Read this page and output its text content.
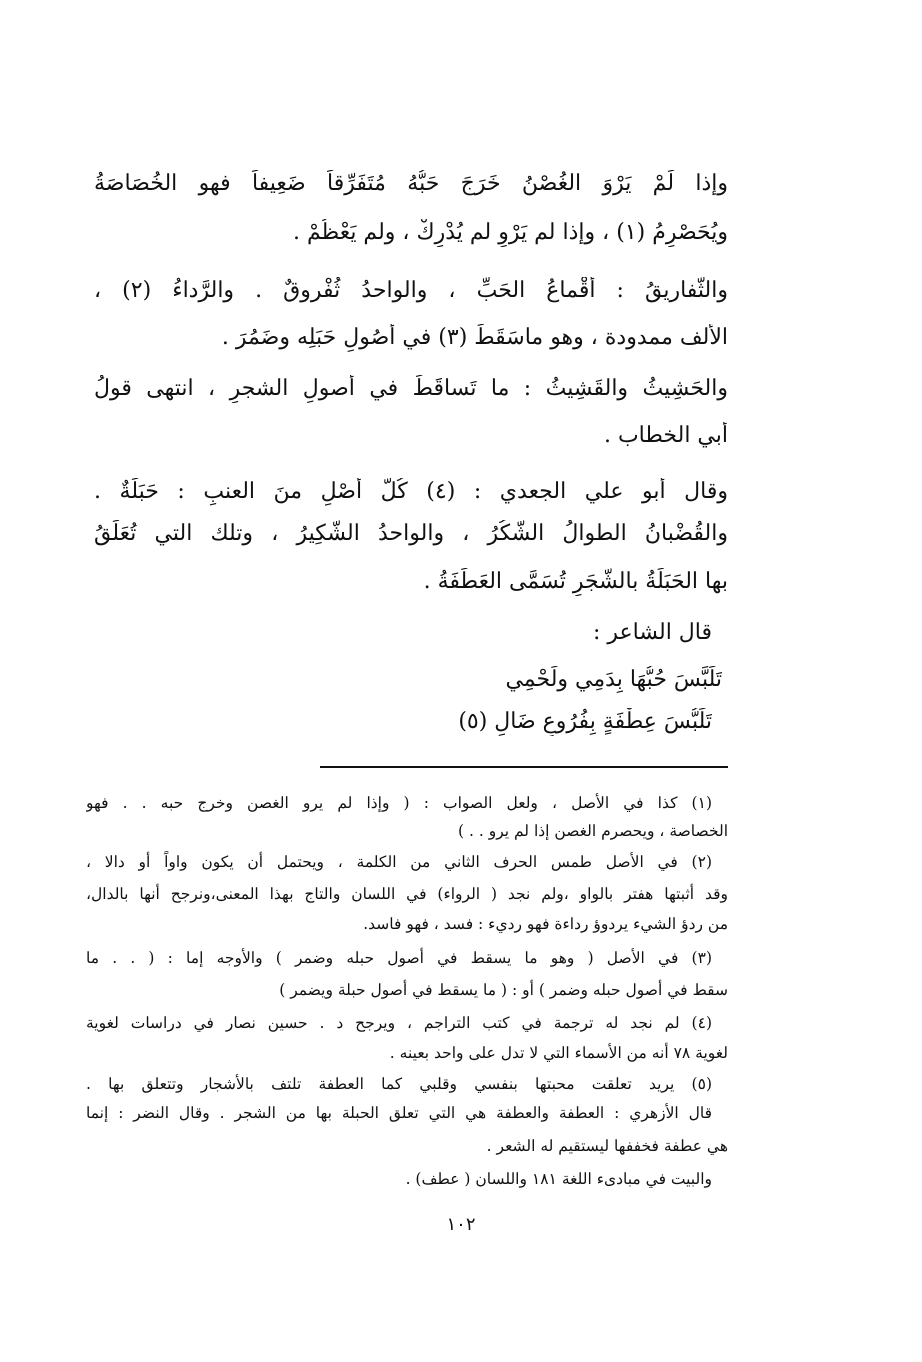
وإذا لَمْ يَرْوَ الغُصْنُ خَرَجَ حَبُّهُ مُتَفَرِّقاً ضَعِيفاً فهو الخُصَاصَةُ
ويُحَصْرِمُ (١) ، وإذا لم يَرْوِ لم يُدْرِكْ ، ولم يَعْظُمْ .
والثَّفاريقُ : أقْماعُ الحَبِّ ، والواحدُ ثُفْروقٌ . والرَّداءُ (٢) ،
الألف ممدودة ، وهو ماسَقَطَ (٣) في أُصُولِ حَبَلِه وضَمُرَ .
والحَشِيثُ والقَشِيثُ : ما تَساقَطَ في أصولِ الشجرِ ، انتهى قولُ
أبي الخطاب .
وقال أبو علي الجعدي : (٤) كُلُّ أَصْلٍ منَ العنبِ : حَبَلَةٌ .
والقُضْبانُ الطوالُ الشُّكُرُ ، والواحدُ الشَّكِيرُ ، وتلك التي تُعَلِّقُ
بها الحَبَلَةُ بالشَّجَرِ تُسَمَّى العَطَفَةُ .
قال الشاعر :
تَلَبَّسَ حُبُّهَا بِدَمِي ولَحْمِي
تَلَبُّسَ عِطْفَةٍ بِفُرُوعِ ضَالِ (٥)
(١) كذا في الأصل ، ولعل الصواب : ( وإذا لم يرو الغصن وخرج حبه . . فهو
الخصاصة ، ويحصرم الغصن إذا لم يرو . . )
(٢) في الأصل طمس الحرف الثاني من الكلمة ، ويحتمل أن يكون واواً أو دالا ،
وقد أثبتها هفتر بالواو ،ولم نجد ( الرواء) في اللسان والتاج بهذا المعنى،ونرجح أنها بالدال،
من ردؤ الشيء يردوؤ رداءة فهو رديء : فسد ، فهو فاسد.
(٣) في الأصل ( وهو ما يسقط في أصول حبله وضمر ) والأوجه إما : ( . . ما
سقط في أصول حبله وضمر ) أو : ( ما يسقط في أصول حبلة ويضمر )
(٤) لم نجد له ترجمة في كتب التراجم ، ويرجح د . حسين نصار في دراسات لغوية
لغوية ٧٨ أنه من الأسماء التي لا تدل على واحد بعينه .
(٥) يريد تعلقت محبتها بنفسي وقلبي كما العطفة تلتف بالأشجار وتتعلق بها .
قال الأزهري : العطفة والعطفة هي التي تعلق الحبلة بها من الشجر . وقال النضر : إنما
هي عطفة فخففها ليستقيم له الشعر .
والبيت في مبادىء اللغة ١٨١ واللسان ( عطف) .
١٠٢
